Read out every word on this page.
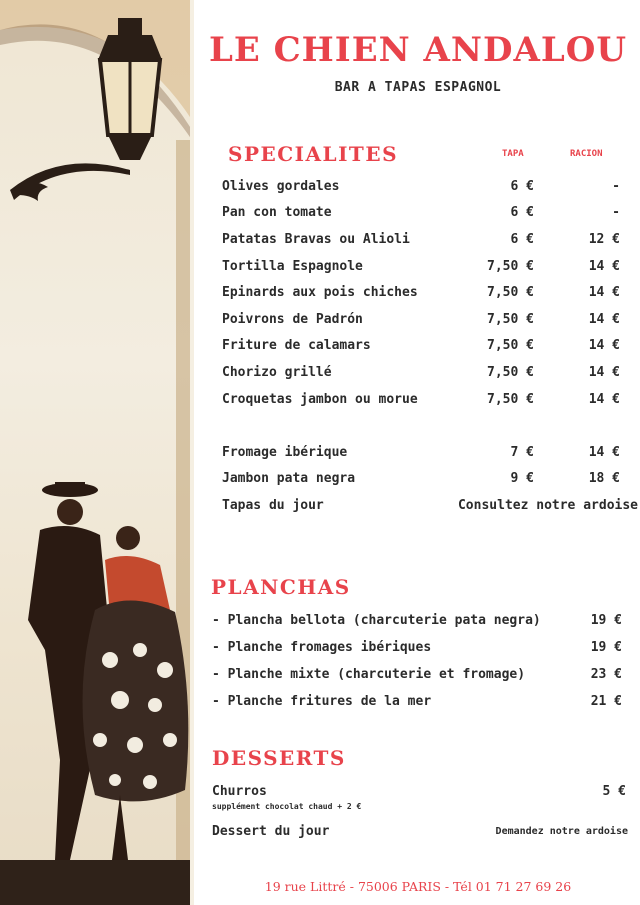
LE CHIEN ANDALOU
BAR A TAPAS ESPAGNOL
SPECIALITES	TAPA	RACION
Olives gordales	6 €	-
Pan con tomate	6 €	-
Patatas Bravas ou Alioli	6 €	12 €
Tortilla Espagnole	7,50 €	14 €
Epinards aux pois chiches	7,50 €	14 €
Poivrons de Padrón	7,50 €	14 €
Friture de calamars	7,50 €	14 €
Chorizo grillé	7,50 €	14 €
Croquetas jambon ou morue	7,50 €	14 €
Fromage ibérique	7 €	14 €
Jambon pata negra	9 €	18 €
Tapas du jour	Consultez notre ardoise
PLANCHAS
- Plancha bellota (charcuterie pata negra)	19 €
- Planche fromages ibériques	19 €
- Planche mixte (charcuterie et fromage)	23 €
- Planche fritures de la mer	21 €
DESSERTS
Churros	5 €
supplément chocolat chaud + 2 €
Dessert du jour	Demandez notre ardoise
19 rue Littré - 75006 PARIS - Tél 01 71 27 69 26
